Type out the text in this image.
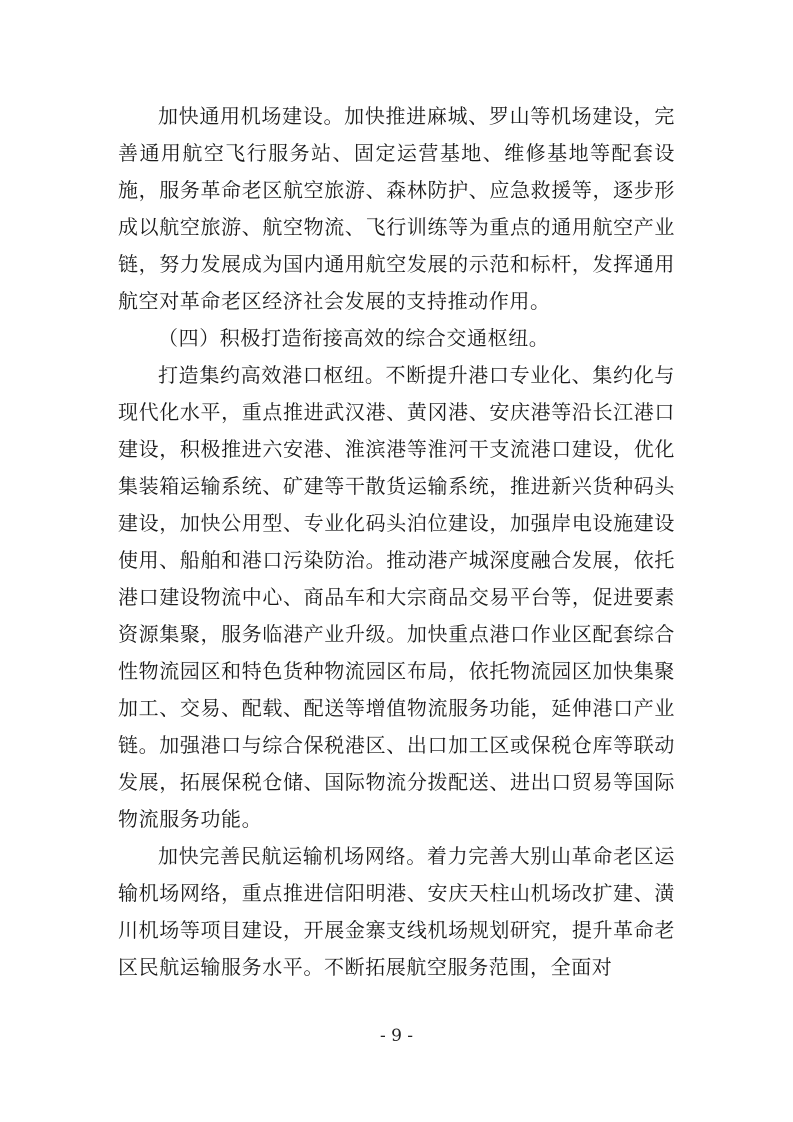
加快通用机场建设。加快推进麻城、罗山等机场建设，完善通用航空飞行服务站、固定运营基地、维修基地等配套设施，服务革命老区航空旅游、森林防护、应急救援等，逐步形成以航空旅游、航空物流、飞行训练等为重点的通用航空产业链，努力发展成为国内通用航空发展的示范和标杆，发挥通用航空对革命老区经济社会发展的支持推动作用。

（四）积极打造衔接高效的综合交通枢纽。

打造集约高效港口枢纽。不断提升港口专业化、集约化与现代化水平，重点推进武汉港、黄冈港、安庆港等沿长江港口建设，积极推进六安港、淮滨港等淮河干支流港口建设，优化集装箱运输系统、矿建等干散货运输系统，推进新兴货种码头建设，加快公用型、专业化码头泊位建设，加强岸电设施建设使用、船舶和港口污染防治。推动港产城深度融合发展，依托港口建设物流中心、商品车和大宗商品交易平台等，促进要素资源集聚，服务临港产业升级。加快重点港口作业区配套综合性物流园区和特色货种物流园区布局，依托物流园区加快集聚加工、交易、配载、配送等增值物流服务功能，延伸港口产业链。加强港口与综合保税港区、出口加工区或保税仓库等联动发展，拓展保税仓储、国际物流分拨配送、进出口贸易等国际物流服务功能。

加快完善民航运输机场网络。着力完善大别山革命老区运输机场网络，重点推进信阳明港、安庆天柱山机场改扩建、潢川机场等项目建设，开展金寨支线机场规划研究，提升革命老区民航运输服务水平。不断拓展航空服务范围，全面对

- 9 -
